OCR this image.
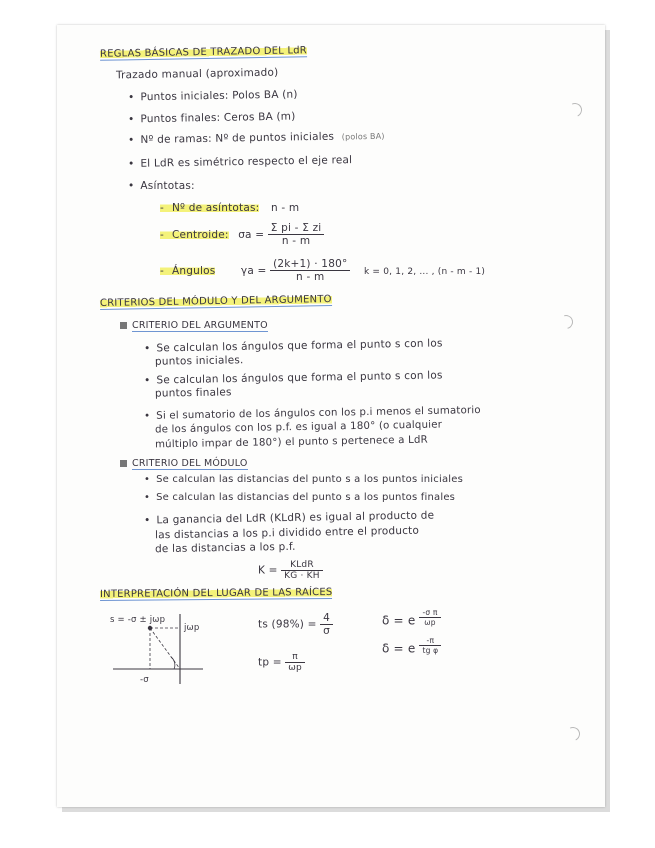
REGLAS BÁSICAS DE TRAZADO DEL LdR
Trazado manual (aproximado)
• Puntos iniciales: Polos BA (n)
• Puntos finales: Ceros BA (m)
• Nº de ramas: Nº de puntos iniciales (polos BA)
• El LdR es simétrico respecto el eje real
• Asíntotas:
- Nº de asíntotas: n - m
- Centroide: $\sigma a = \frac{\text{Σ pi - Σ zi}}{n - m}$
- Ángulos $\gamma a = \frac{(2k+1) \cdot 180^\circ}{n - m}$ k = 0, 1, 2, ... , (n - m - 1)
CRITERIOS DEL MÓDULO Y DEL ARGUMENTO
CRITERIO DEL ARGUMENTO
• Se calculan los ángulos que forma el punto s con los
puntos iniciales.
• Se calculan los ángulos que forma el punto s con los
puntos finales
• Si el sumatorio de los ángulos con los p.i menos el sumatorio
de los ángulos con los p.f. es igual a 180° (o cualquier
múltiplo impar de 180°) el punto s pertenece a LdR
CRITERIO DEL MÓDULO
• Se calculan las distancias del punto s a los puntos iniciales
• Se calculan las distancias del punto s a los puntos finales
• La ganancia del LdR (KLdR) es igual al producto de
las distancias a los p.i dividido entre el producto
de las distancias a los p.f.
$K = \frac{\text{KLdR}}{KG \cdot KH}$
INTERPRETACIÓN DEL LUGAR DE LAS RAÍCES
s = -σ ± jωp
jωp
-σ
ts $(98\%) = \frac{4}{\sigma}$
tp = $\frac{\pi}{\omega p}$
δ = e $^{\frac{\text{-σ π}}{\omega p}}$
δ = e $^{\frac{-\pi}{\text{tg φ}}}$
